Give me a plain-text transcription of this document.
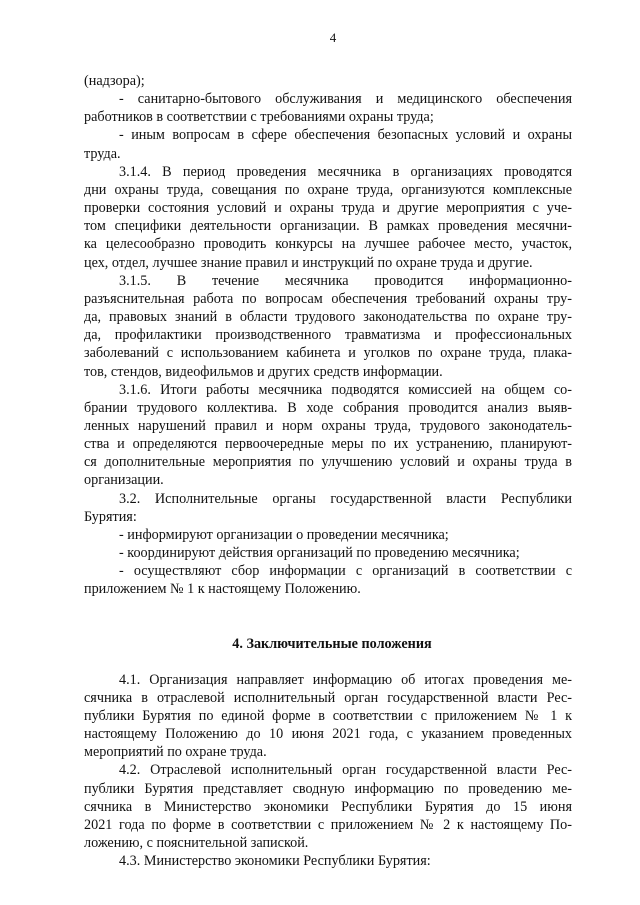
4
(надзора);
- санитарно-бытового обслуживания и медицинского обеспечения
работников в соответствии с требованиями охраны труда;
- иным вопросам в сфере обеспечения безопасных условий и охраны
труда.
3.1.4. В период проведения месячника в организациях проводятся
дни охраны труда, совещания по охране труда, организуются комплексные
проверки состояния условий и охраны труда и другие мероприятия с уче-
том специфики деятельности организации. В рамках проведения месячни-
ка целесообразно проводить конкурсы на лучшее рабочее место, участок,
цех, отдел, лучшее знание правил и инструкций по охране труда и другие.
3.1.5. В течение месячника проводится информационно-
разъяснительная работа по вопросам обеспечения требований охраны тру-
да, правовых знаний в области трудового законодательства по охране тру-
да, профилактики производственного травматизма и профессиональных
заболеваний с использованием кабинета и уголков по охране труда, плака-
тов, стендов, видеофильмов и других средств информации.
3.1.6. Итоги работы месячника подводятся комиссией на общем со-
брании трудового коллектива. В ходе собрания проводится анализ выяв-
ленных нарушений правил и норм охраны труда, трудового законодатель-
ства и определяются первоочередные меры по их устранению, планируют-
ся дополнительные мероприятия по улучшению условий и охраны труда в
организации.
3.2. Исполнительные органы государственной власти Республики
Бурятия:
- информируют организации о проведении месячника;
- координируют действия организаций по проведению месячника;
- осуществляют сбор информации с организаций в соответствии с
приложением № 1 к настоящему Положению.
4. Заключительные положения
4.1. Организация направляет информацию об итогах проведения ме-
сячника в отраслевой исполнительный орган государственной власти Рес-
публики Бурятия по единой форме в соответствии с приложением № 1 к
настоящему Положению до 10 июня 2021 года, с указанием проведенных
мероприятий по охране труда.
4.2. Отраслевой исполнительный орган государственной власти Рес-
публики Бурятия представляет сводную информацию по проведению ме-
сячника в Министерство экономики Республики Бурятия до 15 июня
2021 года по форме в соответствии с приложением № 2 к настоящему По-
ложению, с пояснительной запиской.
4.3. Министерство экономики Республики Бурятия:
